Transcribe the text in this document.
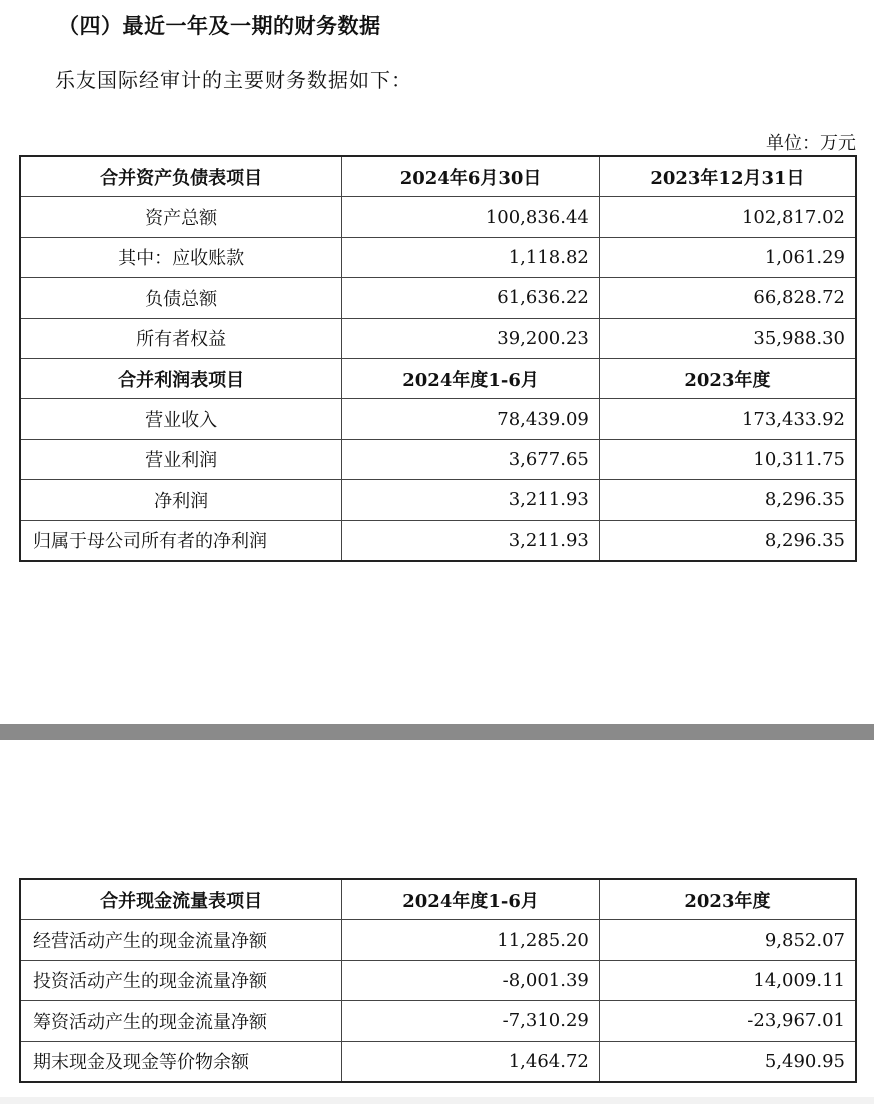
（四）最近一年及一期的财务数据
乐友国际经审计的主要财务数据如下：
单位：万元
合并资产负债表项目	2024年6月30日	2023年12月31日
资产总额	100,836.44	102,817.02
其中：应收账款	1,118.82	1,061.29
负债总额	61,636.22	66,828.72
所有者权益	39,200.23	35,988.30
合并利润表项目	2024年度1-6月	2023年度
营业收入	78,439.09	173,433.92
营业利润	3,677.65	10,311.75
净利润	3,211.93	8,296.35
归属于母公司所有者的净利润	3,211.93	8,296.35
合并现金流量表项目	2024年度1-6月	2023年度
经营活动产生的现金流量净额	11,285.20	9,852.07
投资活动产生的现金流量净额	-8,001.39	14,009.11
筹资活动产生的现金流量净额	-7,310.29	-23,967.01
期末现金及现金等价物余额	1,464.72	5,490.95
